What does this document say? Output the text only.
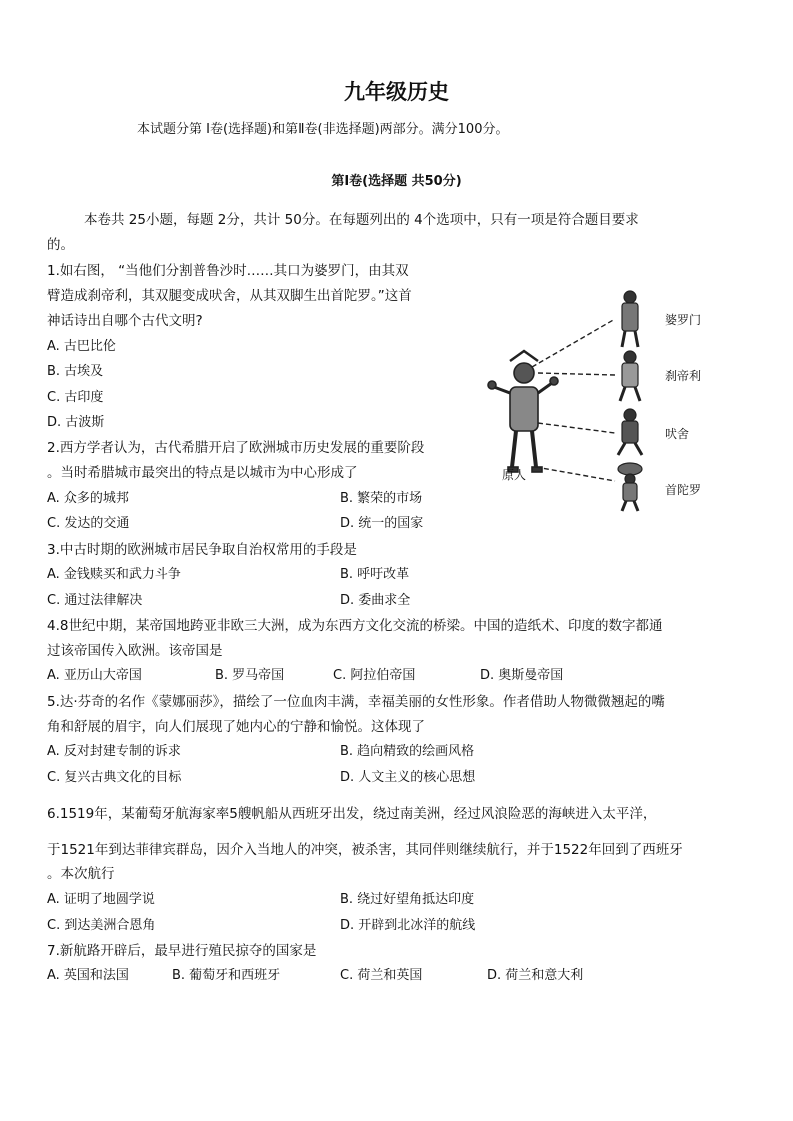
九年级历史
本试题分第 Ⅰ卷(选择题)和第Ⅱ卷(非选择题)两部分。满分100分。
第Ⅰ卷(选择题 共50分)
本卷共 25小题，每题 2分，共计 50分。在每题列出的 4个选项中，只有一项是符合题目要求
的。
1.如右图， “当他们分割普鲁沙时……其口为婆罗门，由其双
臂造成刹帝利，其双腿变成吠舍，从其双脚生出首陀罗。”这首
神话诗出自哪个古代文明?
A. 古巴比伦
B. 古埃及
C. 古印度
D. 古波斯
婆罗门
刹帝利
吠舍
首陀罗
原人
2.西方学者认为，古代希腊开启了欧洲城市历史发展的重要阶段
。当时希腊城市最突出的特点是以城市为中心形成了
A. 众多的城邦	B. 繁荣的市场
C. 发达的交通	D. 统一的国家
3.中古时期的欧洲城市居民争取自治权常用的手段是
A. 金钱赎买和武力斗争	B. 呼吁改革
C. 通过法律解决	D. 委曲求全
4.8世纪中期，某帝国地跨亚非欧三大洲，成为东西方文化交流的桥梁。中国的造纸术、印度的数字都通
过该帝国传入欧洲。该帝国是
A. 亚历山大帝国	B. 罗马帝国	C. 阿拉伯帝国	D. 奥斯曼帝国
5.达·芬奇的名作《蒙娜丽莎》，描绘了一位血肉丰满，幸福美丽的女性形象。作者借助人物微微翘起的嘴
角和舒展的眉宇，向人们展现了她内心的宁静和愉悦。这体现了
A. 反对封建专制的诉求	B. 趋向精致的绘画风格
C. 复兴古典文化的目标	D. 人文主义的核心思想
6.1519年，某葡萄牙航海家率5艘帆船从西班牙出发，绕过南美洲，经过风浪险恶的海峡进入太平洋，
于1521年到达菲律宾群岛，因介入当地人的冲突，被杀害，其同伴则继续航行，并于1522年回到了西班牙
。本次航行
A. 证明了地圆学说	B. 绕过好望角抵达印度
C. 到达美洲合恩角	D. 开辟到北冰洋的航线
7.新航路开辟后，最早进行殖民掠夺的国家是
A. 英国和法国	B. 葡萄牙和西班牙	C. 荷兰和英国	D. 荷兰和意大利
